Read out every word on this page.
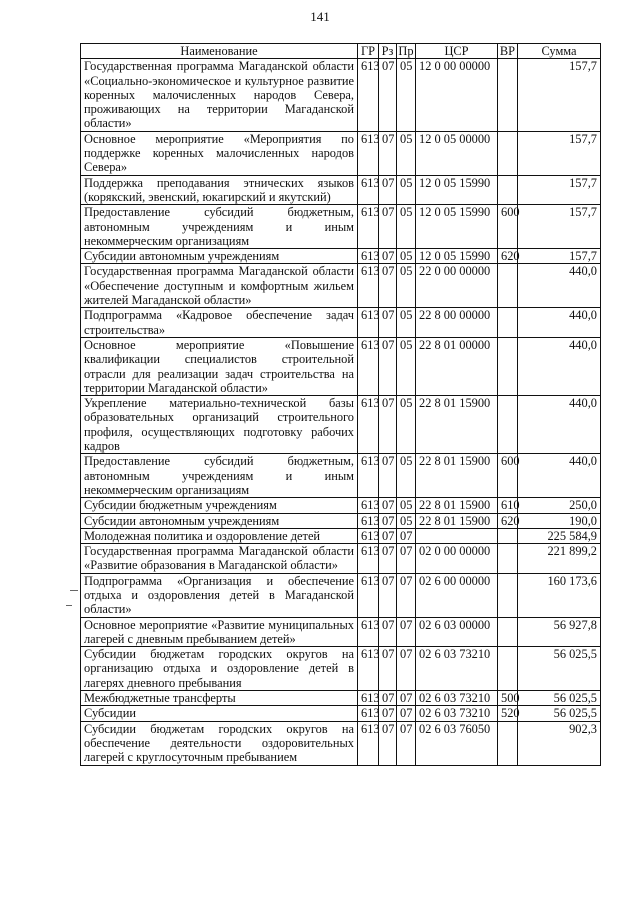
141
Наименование	ГР	Рз	Пр	ЦСР	ВР	Сумма
Государственная программа Магаданской области «Социально-экономическое и культурное развитие коренных малочисленных народов Севера, проживающих на территории Магаданской области»	613	07	05	12 0 00 00000		157,7
Основное мероприятие «Мероприятия по поддержке коренных малочисленных народов Севера»	613	07	05	12 0 05 00000		157,7
Поддержка преподавания этнических языков (корякский, эвенский, юкагирский и якутский)	613	07	05	12 0 05 15990		157,7
Предоставление субсидий бюджетным, автономным учреждениям и иным некоммерческим организациям	613	07	05	12 0 05 15990	600	157,7
Субсидии автономным учреждениям	613	07	05	12 0 05 15990	620	157,7
Государственная программа Магаданской области «Обеспечение доступным и комфортным жильем жителей Магаданской области»	613	07	05	22 0 00 00000		440,0
Подпрограмма «Кадровое обеспечение задач строительства»	613	07	05	22 8 00 00000		440,0
Основное мероприятие «Повышение квалификации специалистов строительной отрасли для реализации задач строительства на территории Магаданской области»	613	07	05	22 8 01 00000		440,0
Укрепление материально-технической базы образовательных организаций строительного профиля, осуществляющих подготовку рабочих кадров	613	07	05	22 8 01 15900		440,0
Предоставление субсидий бюджетным, автономным учреждениям и иным некоммерческим организациям	613	07	05	22 8 01 15900	600	440,0
Субсидии бюджетным учреждениям	613	07	05	22 8 01 15900	610	250,0
Субсидии автономным учреждениям	613	07	05	22 8 01 15900	620	190,0
Молодежная политика и оздоровление детей	613	07	07			225 584,9
Государственная программа Магаданской области «Развитие образования в Магаданской области»	613	07	07	02 0 00 00000		221 899,2
Подпрограмма «Организация и обеспечение отдыха и оздоровления детей в Магаданской области»	613	07	07	02 6 00 00000		160 173,6
Основное мероприятие «Развитие муниципальных лагерей с дневным пребыванием детей»	613	07	07	02 6 03 00000		56 927,8
Субсидии бюджетам городских округов на организацию отдыха и оздоровление детей в лагерях дневного пребывания	613	07	07	02 6 03 73210		56 025,5
Межбюджетные трансферты	613	07	07	02 6 03 73210	500	56 025,5
Субсидии	613	07	07	02 6 03 73210	520	56 025,5
Субсидии бюджетам городских округов на обеспечение деятельности оздоровительных лагерей с круглосуточным пребыванием	613	07	07	02 6 03 76050		902,3
